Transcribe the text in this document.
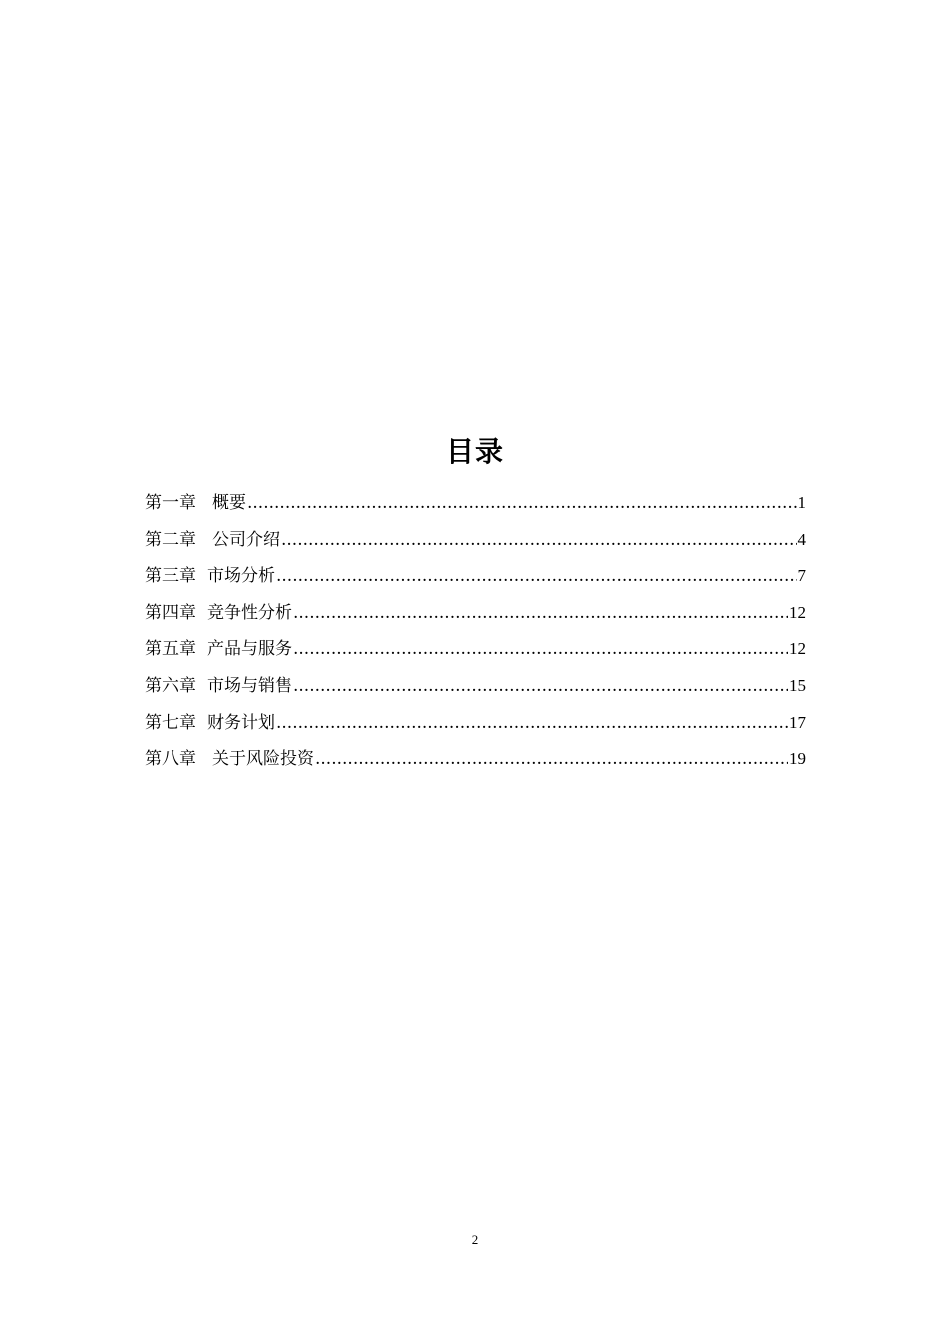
目录
第一章 概要 .....	1
第二章 公司介绍 .....	4
第三章 市场分析 .....	7
第四章 竞争性分析 .....	12
第五章 产品与服务 .....	12
第六章 市场与销售 .....	15
第七章 财务计划 .....	17
第八章 关于风险投资 .....	19
2
